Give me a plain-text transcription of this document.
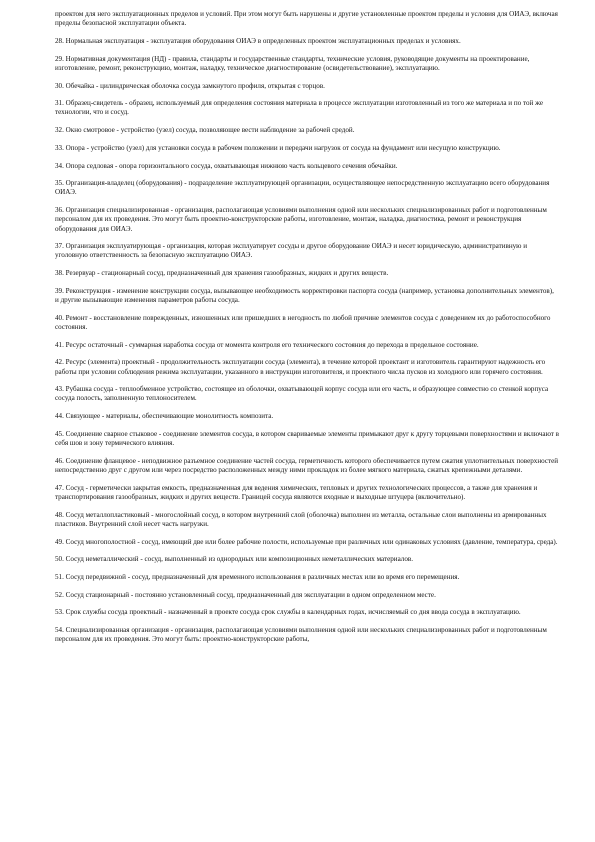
проектом для него эксплуатационных пределов и условий. При этом могут быть нарушены и другие установленные проектом пределы и условия для ОИАЭ, включая пределы безопасной эксплуатации объекта.

28. Нормальная эксплуатация - эксплуатация оборудования ОИАЭ в определенных проектом эксплуатационных пределах и условиях.

29. Нормативная документация (НД) - правила, стандарты и государственные стандарты, технические условия, руководящие документы на проектирование, изготовление, ремонт, реконструкцию, монтаж, наладку, техническое диагностирование (освидетельствование), эксплуатацию.

30. Обечайка - цилиндрическая оболочка сосуда замкнутого профиля, открытая с торцов.

31. Образец-свидетель - образец, используемый для определения состояния материала в процессе эксплуатации изготовленный из того же материала и по той же технологии, что и сосуд.

32. Окно смотровое - устройство (узел) сосуда, позволяющее вести наблюдение за рабочей средой.

33. Опора - устройство (узел) для установки сосуда в рабочем положении и передачи нагрузок от сосуда на фундамент или несущую конструкцию.

34. Опора седловая - опора горизонтального сосуда, охватывающая нижнюю часть кольцевого сечения обечайки.

35. Организация-владелец (оборудования) - подразделение эксплуатирующей организации, осуществляющее непосредственную эксплуатацию всего оборудования ОИАЭ.

36. Организация специализированная - организация, располагающая условиями выполнения одной или нескольких специализированных работ и подготовленным персоналом для их проведения. Это могут быть проектно-конструкторские работы, изготовление, монтаж, наладка, диагностика, ремонт и реконструкция оборудования для ОИАЭ.

37. Организация эксплуатирующая - организация, которая эксплуатирует сосуды и другое оборудование ОИАЭ и несет юридическую, административную и уголовную ответственность за безопасную эксплуатацию ОИАЭ.

38. Резервуар - стационарный сосуд, предназначенный для хранения газообразных, жидких и других веществ.

39. Реконструкция - изменение конструкции сосуда, вызывающее необходимость корректировки паспорта сосуда (например, установка дополнительных элементов), и другие вызывающие изменения параметров работы сосуда.

40. Ремонт - восстановление поврежденных, изношенных или пришедших в негодность по любой причине элементов сосуда с доведением их до работоспособного состояния.

41. Ресурс остаточный - суммарная наработка сосуда от момента контроля его технического состояния до перехода в предельное состояние.

42. Ресурс (элемента) проектный - продолжительность эксплуатации сосуда (элемента), в течение которой проектант и изготовитель гарантируют надежность его работы при условии соблюдения режима эксплуатации, указанного в инструкции изготовителя, и проектного числа пусков из холодного или горячего состояния.

43. Рубашка сосуда - теплообменное устройство, состоящее из оболочки, охватывающей корпус сосуда или его часть, и образующее совместно со стенкой корпуса сосуда полость, заполненную теплоносителем.

44. Связующее - материалы, обеспечивающие монолитность композита.

45. Соединение сварное стыковое - соединение элементов сосуда, в котором свариваемые элементы примыкают друг к другу торцевыми поверхностями и включают в себя шов и зону термического влияния.

46. Соединение фланцевое - неподвижное разъемное соединение частей сосуда, герметичность которого обеспечивается путем сжатия уплотнительных поверхностей непосредственно друг с другом или через посредство расположенных между ними прокладок из более мягкого материала, сжатых крепежными деталями.

47. Сосуд - герметически закрытая емкость, предназначенная для ведения химических, тепловых и других технологических процессов, а также для хранения и транспортирования газообразных, жидких и других веществ. Границей сосуда являются входные и выходные штуцера (включительно).

48. Сосуд металлопластиковый - многослойный сосуд, в котором внутренний слой (оболочка) выполнен из металла, остальные слои выполнены из армированных пластиков. Внутренний слой несет часть нагрузки.

49. Сосуд многополостной - сосуд, имеющий две или более рабочие полости, используемые при различных или одинаковых условиях (давление, температура, среда).

50. Сосуд неметаллический - сосуд, выполненный из однородных или композиционных неметаллических материалов.

51. Сосуд передвижной - сосуд, предназначенный для временного использования в различных местах или во время его перемещения.

52. Сосуд стационарный - постоянно установленный сосуд, предназначенный для эксплуатации в одном определенном месте.

53. Срок службы сосуда проектный - назначенный в проекте сосуда срок службы в календарных годах, исчисляемый со дня ввода сосуда в эксплуатацию.

54. Специализированная организация - организация, располагающая условиями выполнения одной или нескольких специализированных работ и подготовленным персоналом для их проведения. Это могут быть: проектно-конструкторские работы,
